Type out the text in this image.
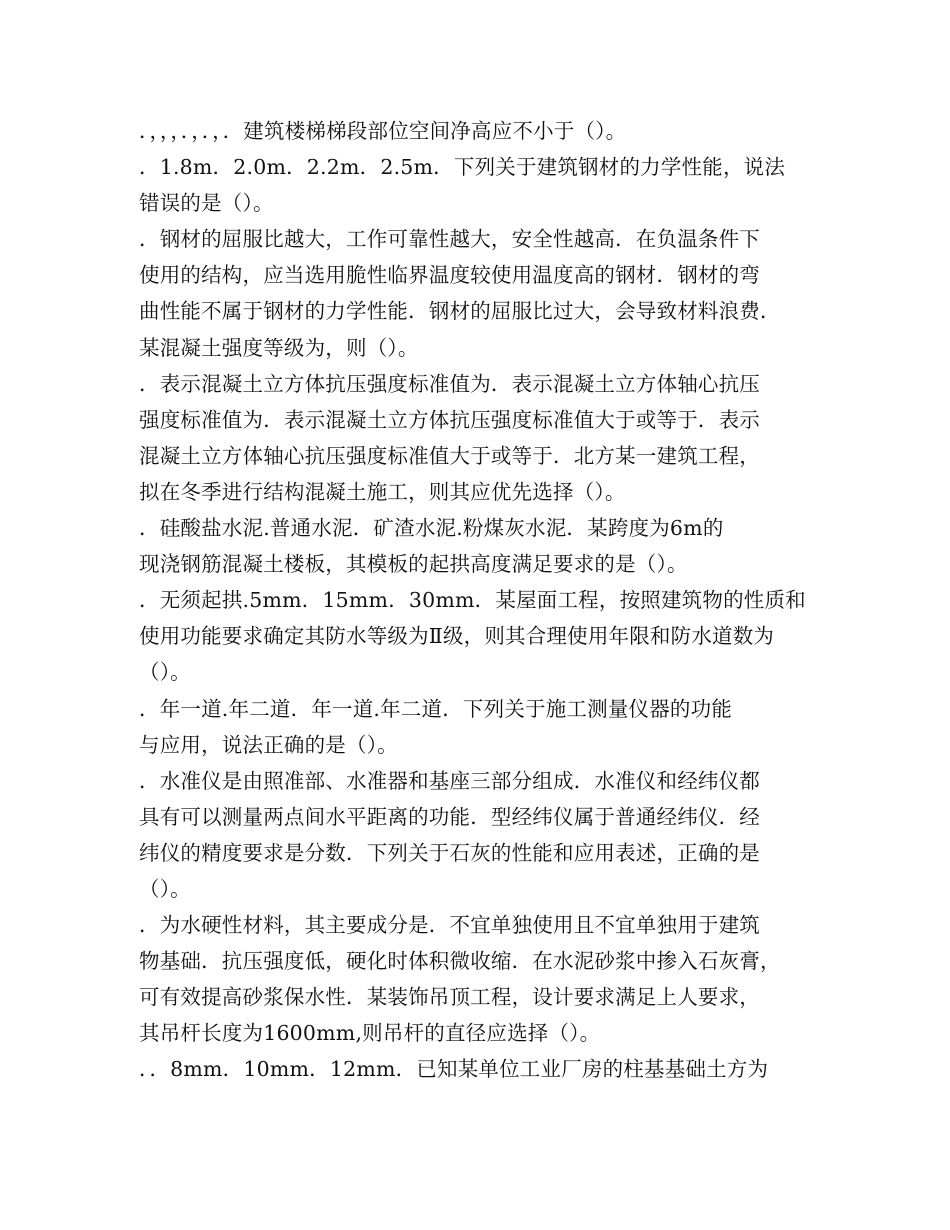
．，，，．，．，．建筑楼梯梯段部位空间净高应不小于（）。
．1.8m．2.0m．2.2m．2.5m．下列关于建筑钢材的力学性能，说法
错误的是（）。
．钢材的屈服比越大，工作可靠性越大，安全性越高．在负温条件下
使用的结构，应当选用脆性临界温度较使用温度高的钢材．钢材的弯
曲性能不属于钢材的力学性能．钢材的屈服比过大，会导致材料浪费．
某混凝土强度等级为，则（）。
．表示混凝土立方体抗压强度标准值为．表示混凝土立方体轴心抗压
强度标准值为．表示混凝土立方体抗压强度标准值大于或等于．表示
混凝土立方体轴心抗压强度标准值大于或等于．北方某一建筑工程，
拟在冬季进行结构混凝土施工，则其应优先选择（）。
．硅酸盐水泥.普通水泥．矿渣水泥.粉煤灰水泥．某跨度为6m的
现浇钢筋混凝土楼板，其模板的起拱高度满足要求的是（）。
．无须起拱.5mm．15mm．30mm．某屋面工程，按照建筑物的性质和
使用功能要求确定其防水等级为Ⅱ级，则其合理使用年限和防水道数为
（）。
．年一道.年二道．年一道.年二道．下列关于施工测量仪器的功能
与应用，说法正确的是（）。
．水准仪是由照准部、水准器和基座三部分组成．水准仪和经纬仪都
具有可以测量两点间水平距离的功能．型经纬仪属于普通经纬仪．经
纬仪的精度要求是分数．下列关于石灰的性能和应用表述，正确的是
（）。
．为水硬性材料，其主要成分是．不宜单独使用且不宜单独用于建筑
物基础．抗压强度低，硬化时体积微收缩．在水泥砂浆中掺入石灰膏，
可有效提高砂浆保水性．某装饰吊顶工程，设计要求满足上人要求，
其吊杆长度为1600mm,则吊杆的直径应选择（）。
．．8mm．10mm．12mm．已知某单位工业厂房的柱基基础土方为
